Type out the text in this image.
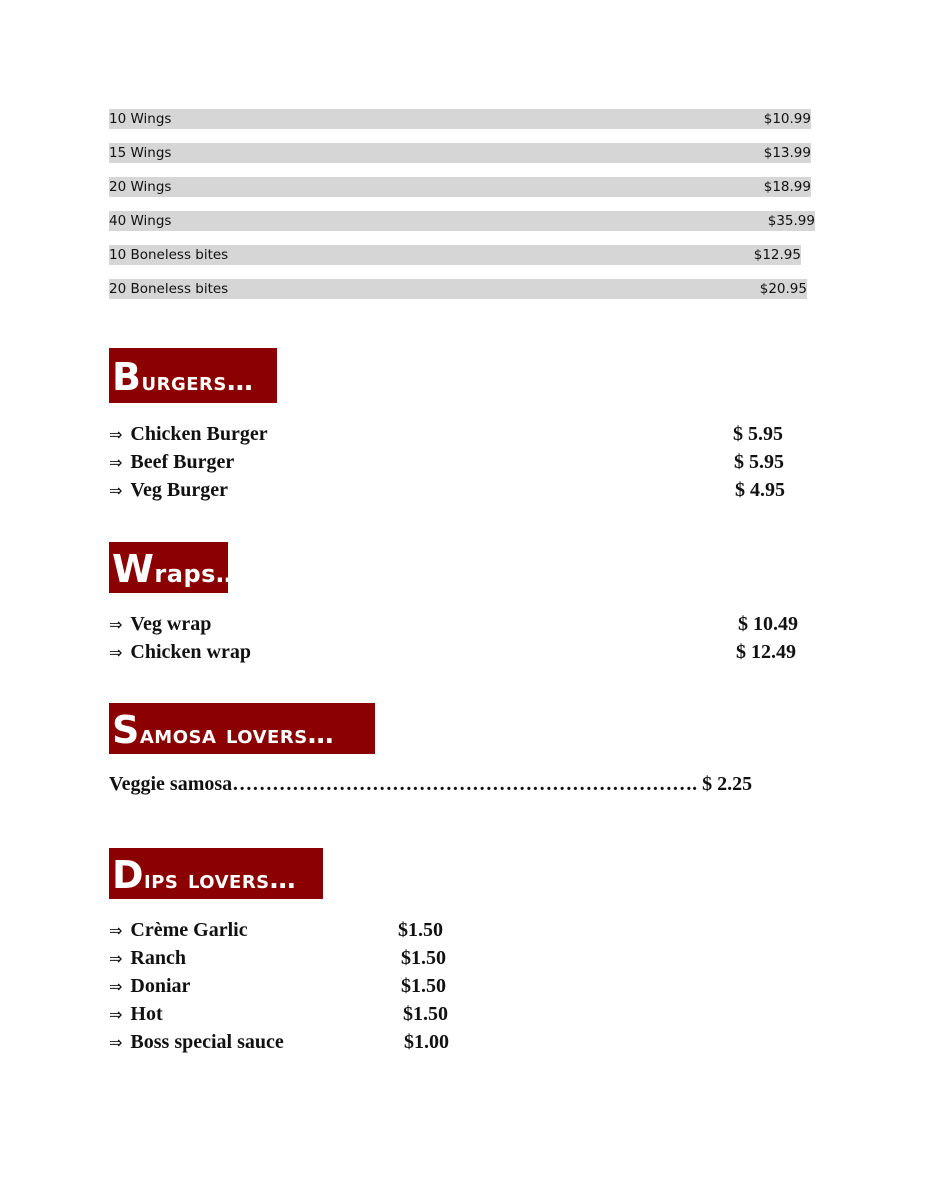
10 Wings	$10.99
15 Wings	$13.99
20 Wings	$18.99
40 Wings	$35.99
10 Boneless bites	$12.95
20 Boneless bites	$20.95
Burgers…
⇒ Chicken Burger	$ 5.95
⇒ Beef Burger	$ 5.95
⇒ Veg Burger	$ 4.95
Wraps…
⇒ Veg wrap	$ 10.49
⇒ Chicken wrap	$ 12.49
Samosa lovers…
Veggie samosa……………………………………………………………. $ 2.25
Dips lovers…
⇒ Crème Garlic	$1.50
⇒ Ranch	$1.50
⇒ Doniar	$1.50
⇒ Hot	$1.50
⇒ Boss special sauce	$1.00
